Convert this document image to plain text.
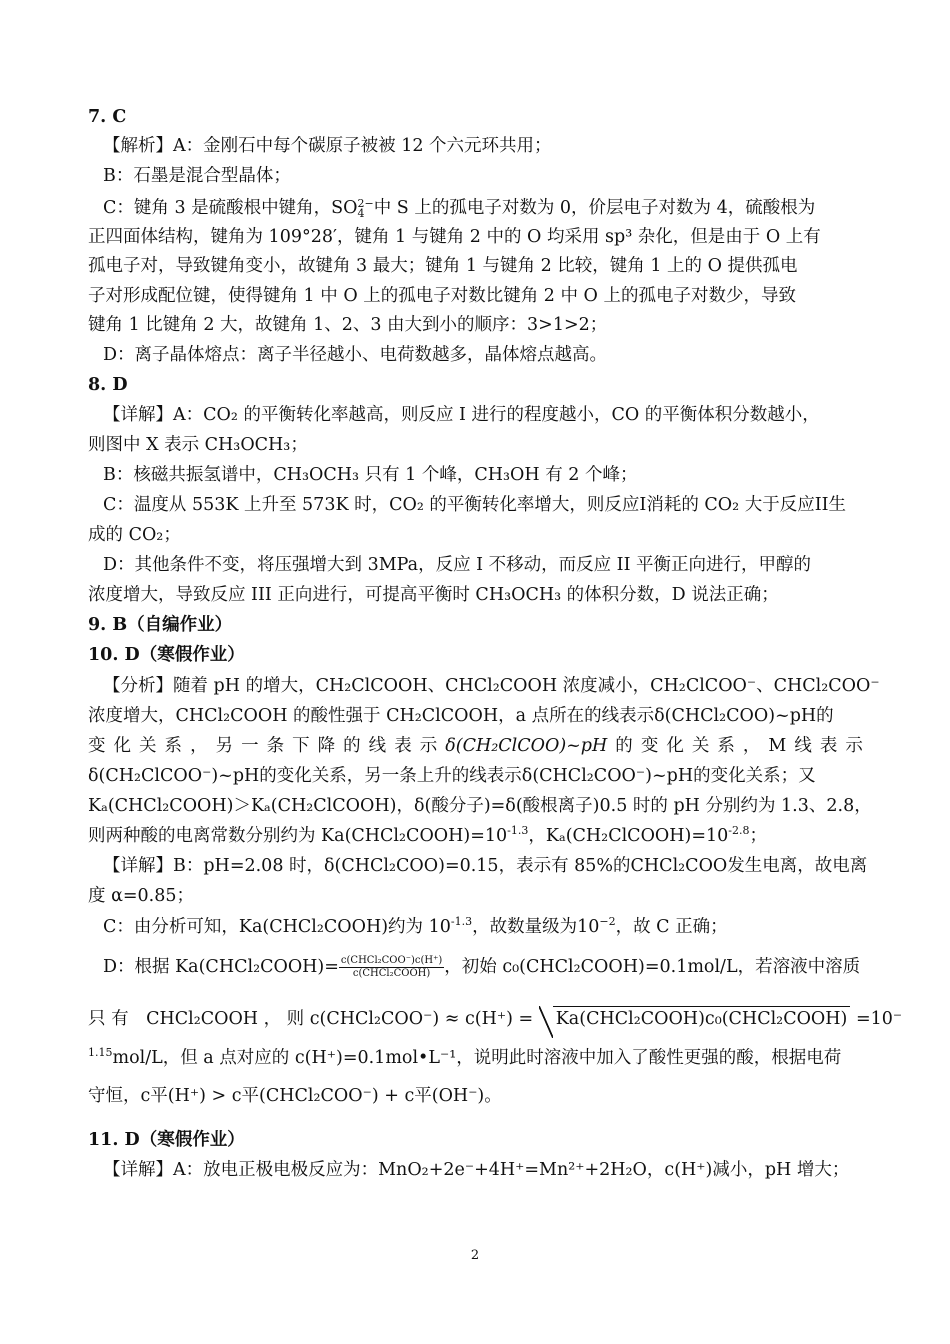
7. C
【解析】A：金刚石中每个碳原子被被 12 个六元环共用；
B：石墨是混合型晶体；
C：键角 3 是硫酸根中键角，SO2−
4 中 S 上的孤电子对数为 0，价层电子对数为 4，硫酸根为
正四面体结构，键角为 109°28′，键角 1 与键角 2 中的 O 均采用 sp³ 杂化，但是由于 O 上有
孤电子对，导致键角变小，故键角 3 最大；键角 1 与键角 2 比较，键角 1 上的 O 提供孤电
子对形成配位键，使得键角 1 中 O 上的孤电子对数比键角 2 中 O 上的孤电子对数少，导致
键角 1 比键角 2 大，故键角 1、2、3 由大到小的顺序：3>1>2；
D：离子晶体熔点：离子半径越小、电荷数越多，晶体熔点越高。
8. D
【详解】A：CO₂ 的平衡转化率越高，则反应 I 进行的程度越小，CO 的平衡体积分数越小，
则图中 X 表示 CH₃OCH₃；
B：核磁共振氢谱中，CH₃OCH₃ 只有 1 个峰，CH₃OH 有 2 个峰；
C：温度从 553K 上升至 573K 时，CO₂ 的平衡转化率增大，则反应I消耗的 CO₂ 大于反应II生
成的 CO₂；
D：其他条件不变，将压强增大到 3MPa，反应 I 不移动，而反应 II 平衡正向进行，甲醇的
浓度增大，导致反应 III 正向进行，可提高平衡时 CH₃OCH₃ 的体积分数，D 说法正确；
9. B（自编作业）
10. D（寒假作业）
【分析】随着 pH 的增大，CH₂ClCOOH、CHCl₂COOH 浓度减小，CH₂ClCOO⁻、CHCl₂COO⁻
浓度增大，CHCl₂COOH 的酸性强于 CH₂ClCOOH，a 点所在的线表示δ(CHCl₂COO)~pH的
变 化 关 系 ， 另 一 条 下 降 的 线 表 示 δ(CH₂ClCOO)~pH 的 变 化 关 系 ， M 线 表 示
δ(CH₂ClCOO⁻)~pH的变化关系，另一条上升的线表示δ(CHCl₂COO⁻)~pH的变化关系；又
Kₐ(CHCl₂COOH)＞Kₐ(CH₂ClCOOH)，δ(酸分子)=δ(酸根离子)0.5 时的 pH 分别约为 1.3、2.8，
则两种酸的电离常数分别约为 $Ka(CHCl_2COOH)=10^{-1.3}$，$K_a(CH_2ClCOOH)=10^{-2.8}$；
【详解】B：pH=2.08 时，δ(CHCl₂COO)=0.15，表示有 85%的CHCl₂COO发生电离，故电离
度 α=0.85；
C：由分析可知，Ka(CHCl₂COOH)约为 $10^{-1.3}$，故数量级为$10^{-2}$，故 C 正确；
D：根据 Ka(CHCl₂COOH)= $\frac{\text{c(CHCl₂COO⁻)c(H⁺)}}{\text{c(CHCl₂COOH)}}$ ，初始 c₀(CHCl₂COOH)=0.1mol/L，若溶液中溶质
只 有　CHCl₂COOH ， 则 c(CHCl₂COO⁻) ≈ c(H⁺) = Ka(CHCl₂COOH)c₀(CHCl₂COOH) =10⁻
$^{1.15}$mol/L，但 a 点对应的 c(H⁺)=0.1mol•L⁻¹，说明此时溶液中加入了酸性更强的酸，根据电荷
守恒，c平(H⁺) > c平(CHCl₂COO⁻) + c平(OH⁻)。
11. D（寒假作业）
【详解】A：放电正极电极反应为：MnO₂+2e⁻+4H⁺=Mn²⁺+2H₂O，c(H⁺)减小，pH 增大；
2
